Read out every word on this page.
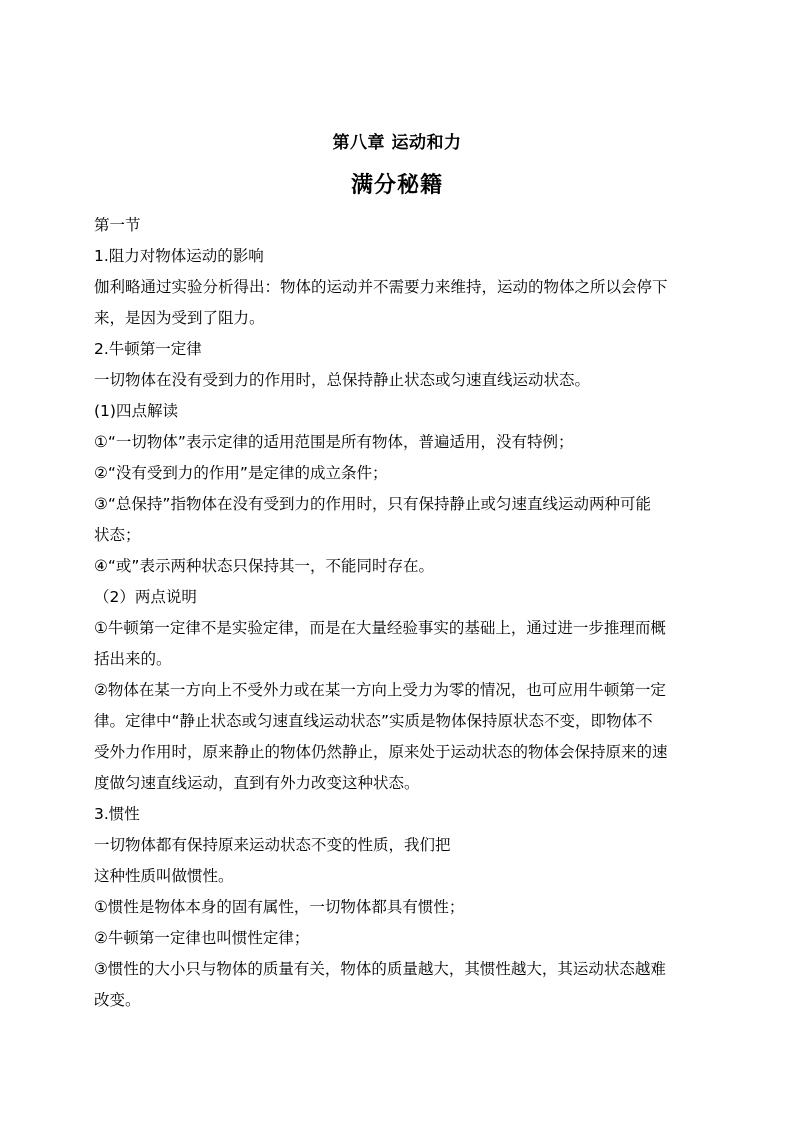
第八章 运动和力
满分秘籍
第一节
1.阻力对物体运动的影响
伽利略通过实验分析得出：物体的运动并不需要力来维持，运动的物体之所以会停下
来，是因为受到了阻力。
2.牛顿第一定律
一切物体在没有受到力的作用时，总保持静止状态或匀速直线运动状态。
(1)四点解读
①“一切物体”表示定律的适用范围是所有物体，普遍适用，没有特例；
②“没有受到力的作用”是定律的成立条件；
③“总保持”指物体在没有受到力的作用时，只有保持静止或匀速直线运动两种可能
状态；
④“或”表示两种状态只保持其一，不能同时存在。
（2）两点说明
①牛顿第一定律不是实验定律，而是在大量经验事实的基础上，通过进一步推理而概
括出来的。
②物体在某一方向上不受外力或在某一方向上受力为零的情况，也可应用牛顿第一定
律。定律中“静止状态或匀速直线运动状态”实质是物体保持原状态不变，即物体不
受外力作用时，原来静止的物体仍然静止，原来处于运动状态的物体会保持原来的速
度做匀速直线运动，直到有外力改变这种状态。
3.惯性
一切物体都有保持原来运动状态不变的性质，我们把
这种性质叫做惯性。
①惯性是物体本身的固有属性，一切物体都具有惯性；
②牛顿第一定律也叫惯性定律；
③惯性的大小只与物体的质量有关，物体的质量越大，其惯性越大，其运动状态越难
改变。
